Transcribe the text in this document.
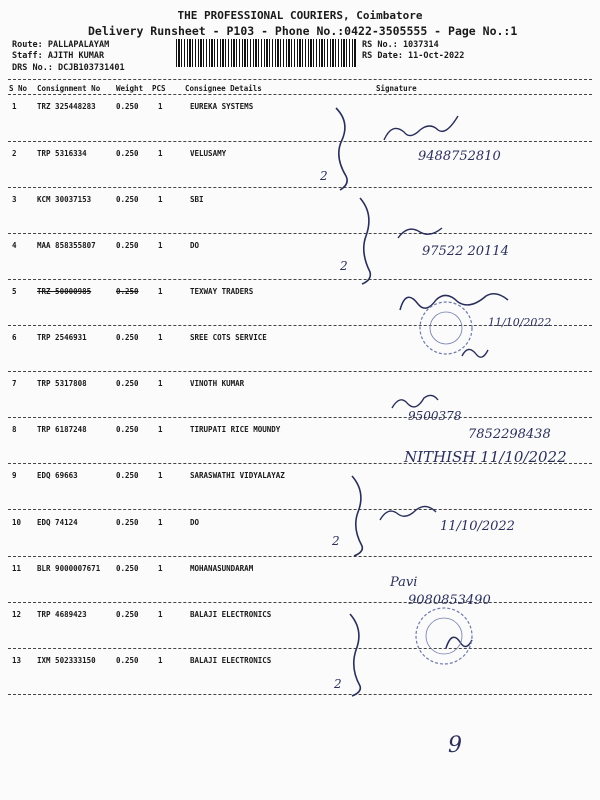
THE PROFESSIONAL COURIERS, Coimbatore
Delivery Runsheet - P103 - Phone No.:0422-3505555 - Page No.:1
Route: PALLAPALAYAM
Staff: AJITH KUMAR
DRS No.: DCJB103731401
RS No.: 1037314
RS Date: 11-Oct-2022
S No Consignment No Weight PCS	Consignee Details	Signature
1	TRZ 325448283	0.250	1	EUREKA SYSTEMS
2	TRP 5316334	0.250	1	VELUSAMY
3	KCM 30037153	0.250	1	SBI
4	MAA 858355807	0.250	1	DO
5	TRZ 50000985	0.250	1	TEXWAY TRADERS
6	TRP 2546931	0.250	1	SREE COTS SERVICE
7	TRP 5317808	0.250	1	VINOTH KUMAR
8	TRP 6187248	0.250	1	TIRUPATI RICE MOUNDY
9	EDQ 69663	0.250	1	SARASWATHI VIDYALAYAZ
10 EDQ 74124	0.250	1	DO
11 BLR 9000007671 0.250	1	MOHANASUNDARAM
12 TRP 4689423	0.250	1	BALAJI ELECTRONICS
13 IXM 502333150	0.250	1	BALAJI ELECTRONICS
2
2
2
2
9488752810
97522 20114
11/10/2022
9500378
7852298438
NITHISH 11/10/2022
11/10/2022
Pavi
9080853490
9
